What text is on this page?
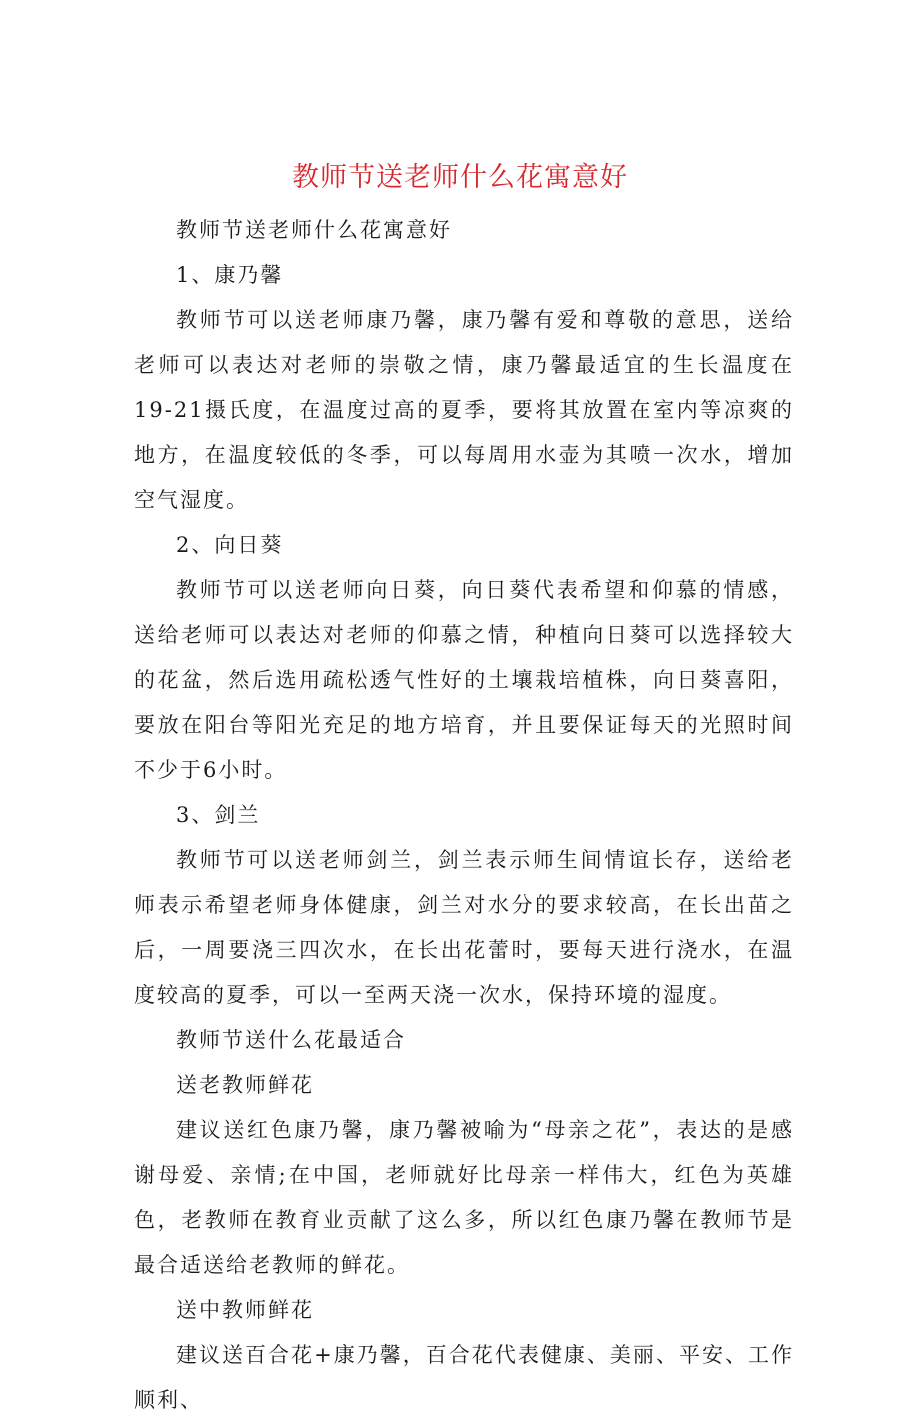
教师节送老师什么花寓意好

教师节送老师什么花寓意好

1、康乃馨

教师节可以送老师康乃馨，康乃馨有爱和尊敬的意思，送给老师可以表达对老师的崇敬之情，康乃馨最适宜的生长温度在19-21摄氏度，在温度过高的夏季，要将其放置在室内等凉爽的地方，在温度较低的冬季，可以每周用水壶为其喷一次水，增加空气湿度。

2、向日葵

教师节可以送老师向日葵，向日葵代表希望和仰慕的情感，送给老师可以表达对老师的仰慕之情，种植向日葵可以选择较大的花盆，然后选用疏松透气性好的土壤栽培植株，向日葵喜阳，要放在阳台等阳光充足的地方培育，并且要保证每天的光照时间不少于6小时。

3、剑兰

教师节可以送老师剑兰，剑兰表示师生间情谊长存，送给老师表示希望老师身体健康，剑兰对水分的要求较高，在长出苗之后，一周要浇三四次水，在长出花蕾时，要每天进行浇水，在温度较高的夏季，可以一至两天浇一次水，保持环境的湿度。

教师节送什么花最适合

送老教师鲜花

建议送红色康乃馨，康乃馨被喻为“母亲之花”，表达的是感谢母爱、亲情;在中国，老师就好比母亲一样伟大，红色为英雄色，老教师在教育业贡献了这么多，所以红色康乃馨在教师节是最合适送给老教师的鲜花。

送中教师鲜花

建议送百合花+康乃馨，百合花代表健康、美丽、平安、工作顺利、
